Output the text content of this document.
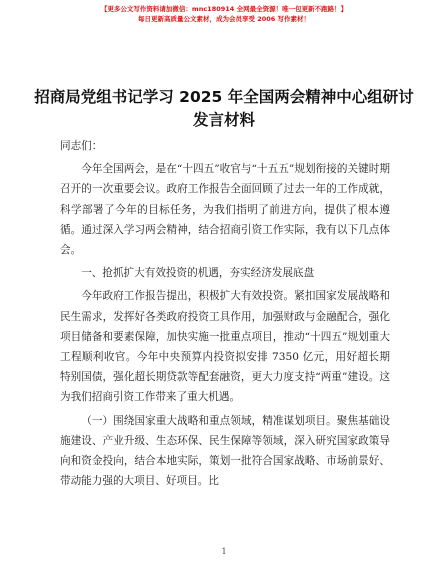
【更多公文写作资料请加微信：mnc180914 全网最全资源！唯一包更新不跑路！】
每日更新高质量公文素材，成为会员享受 2006 写作素材！
招商局党组书记学习 2025 年全国两会精神中心组研讨发言材料

同志们：

今年全国两会，是在“十四五”收官与“十五五”规划衔接的关键时期召开的一次重要会议。政府工作报告全面回顾了过去一年的工作成就，科学部署了今年的目标任务，为我们指明了前进方向，提供了根本遵循。通过深入学习两会精神，结合招商引资工作实际，我有以下几点体会。

一、抢抓扩大有效投资的机遇，夯实经济发展底盘

今年政府工作报告提出，积极扩大有效投资。紧扣国家发展战略和民生需求，发挥好各类政府投资工具作用，加强财政与金融配合，强化项目储备和要素保障，加快实施一批重点项目，推动“十四五”规划重大工程顺利收官。今年中央预算内投资拟安排 7350 亿元，用好超长期特别国债，强化超长期贷款等配套融资，更大力度支持“两重”建设。这为我们招商引资工作带来了重大机遇。

（一）围绕国家重大战略和重点领域，精准谋划项目。聚焦基础设施建设、产业升级、生态环保、民生保障等领域，深入研究国家政策导向和资金投向，结合本地实际，策划一批符合国家战略、市场前景好、带动能力强的大项目、好项目。比

1
